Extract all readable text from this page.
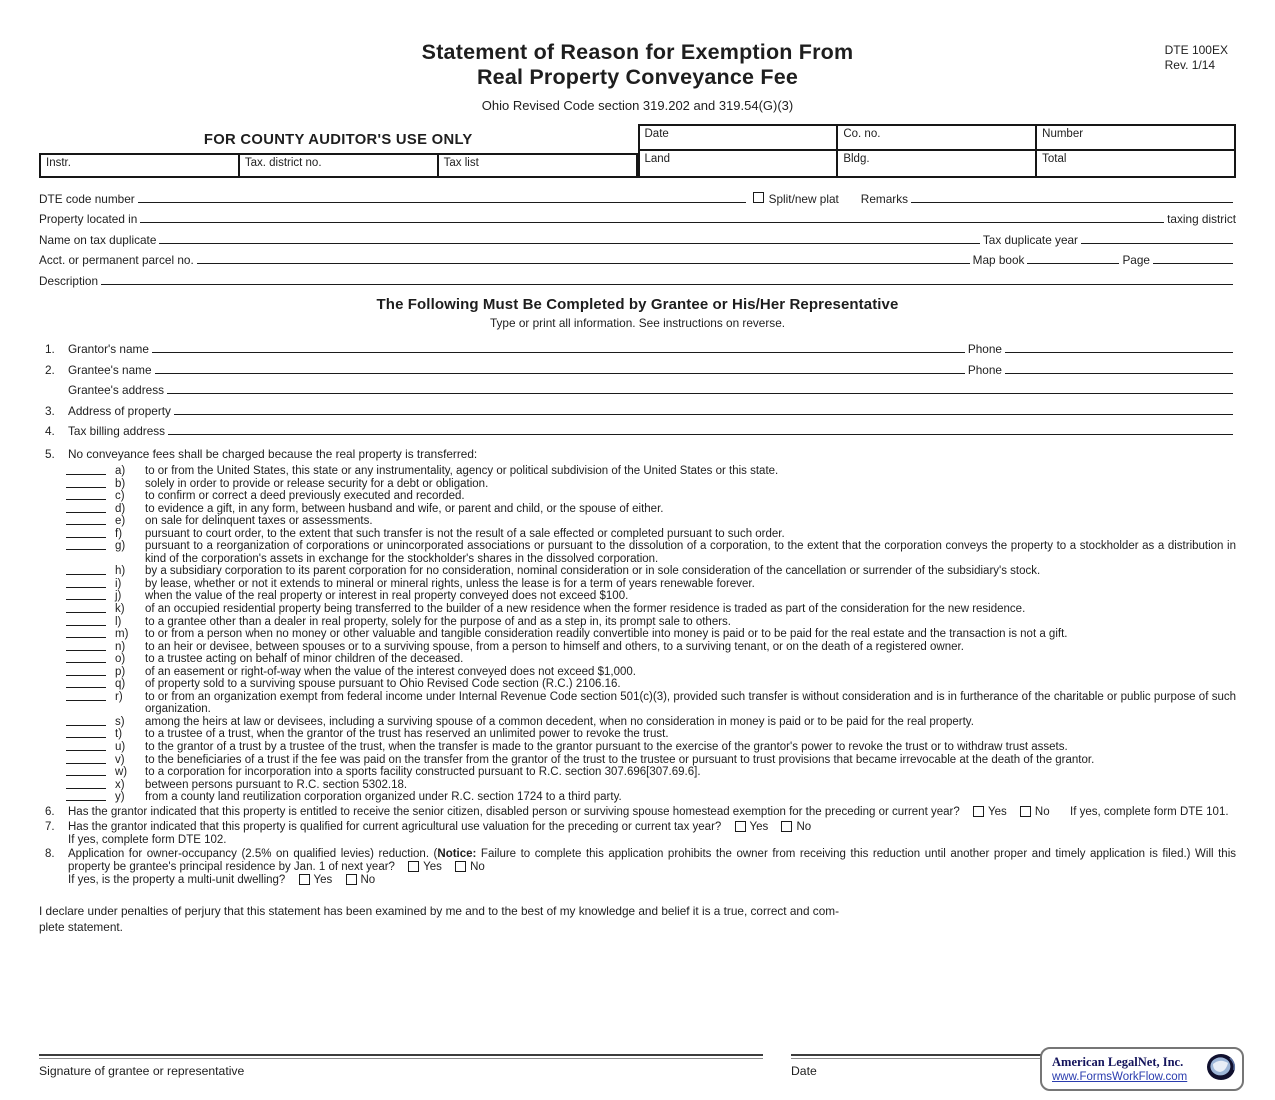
Statement of Reason for Exemption From
Real Property Conveyance Fee
DTE 100EX
Rev. 1/14
Ohio Revised Code section 319.202 and 319.54(G)(3)
FOR COUNTY AUDITOR'S USE ONLY
Instr.	Tax. district no.	Tax list
Date	Co. no.	Number
Land	Bldg.	Total
DTE code number	Split/new plat Remarks
Property located in	taxing district
Name on tax duplicate	Tax duplicate year
Acct. or permanent parcel no.	Map book	Page
Description
The Following Must Be Completed by Grantee or His/Her Representative
Type or print all information. See instructions on reverse.
1.	Grantor's name	Phone
2.	Grantee's name	Phone
Grantee's address
3.	Address of property
4.	Tax billing address
5.	No conveyance fees shall be charged because the real property is transferred:
a)	to or from the United States, this state or any instrumentality, agency or political subdivision of the United States or this state.
b)	solely in order to provide or release security for a debt or obligation.
c)	to confirm or correct a deed previously executed and recorded.
d)	to evidence a gift, in any form, between husband and wife, or parent and child, or the spouse of either.
e)	on sale for delinquent taxes or assessments.
f)	pursuant to court order, to the extent that such transfer is not the result of a sale effected or completed pursuant to such order.
g)	pursuant to a reorganization of corporations or unincorporated associations or pursuant to the dissolution of a corporation, to the extent that the corporation conveys the property to a stockholder as a distribution in kind of the corporation's assets in exchange for the stockholder's shares in the dissolved corporation.
h)	by a subsidiary corporation to its parent corporation for no consideration, nominal consideration or in sole consideration of the cancellation or surrender of the subsidiary's stock.
i)	by lease, whether or not it extends to mineral or mineral rights, unless the lease is for a term of years renewable forever.
j)	when the value of the real property or interest in real property conveyed does not exceed $100.
k)	of an occupied residential property being transferred to the builder of a new residence when the former residence is traded as part of the consideration for the new residence.
l)	to a grantee other than a dealer in real property, solely for the purpose of and as a step in, its prompt sale to others.
m)	to or from a person when no money or other valuable and tangible consideration readily convertible into money is paid or to be paid for the real estate and the transaction is not a gift.
n)	to an heir or devisee, between spouses or to a surviving spouse, from a person to himself and others, to a surviving tenant, or on the death of a registered owner.
o)	to a trustee acting on behalf of minor children of the deceased.
p)	of an easement or right-of-way when the value of the interest conveyed does not exceed $1,000.
q)	of property sold to a surviving spouse pursuant to Ohio Revised Code section (R.C.) 2106.16.
r)	to or from an organization exempt from federal income under Internal Revenue Code section 501(c)(3), provided such transfer is without consideration and is in furtherance of the charitable or public purpose of such organization.
s)	among the heirs at law or devisees, including a surviving spouse of a common decedent, when no consideration in money is paid or to be paid for the real property.
t)	to a trustee of a trust, when the grantor of the trust has reserved an unlimited power to revoke the trust.
u)	to the grantor of a trust by a trustee of the trust, when the transfer is made to the grantor pursuant to the exercise of the grantor's power to revoke the trust or to withdraw trust assets.
v)	to the beneficiaries of a trust if the fee was paid on the transfer from the grantor of the trust to the trustee or pursuant to trust provisions that became irrevocable at the death of the grantor.
w)	to a corporation for incorporation into a sports facility constructed pursuant to R.C. section 307.696[307.69.6].
x)	between persons pursuant to R.C. section 5302.18.
y)	from a county land reutilization corporation organized under R.C. section 1724 to a third party.
6.	Has the grantor indicated that this property is entitled to receive the senior citizen, disabled person or surviving spouse homestead exemption for the preceding or current year? Yes No If yes, complete form DTE 101.
7.	Has the grantor indicated that this property is qualified for current agricultural use valuation for the preceding or current tax year? Yes No
If yes, complete form DTE 102.
8.	Application for owner-occupancy (2.5% on qualified levies) reduction. (Notice: Failure to complete this application prohibits the owner from receiving this reduction until another proper and timely application is filed.) Will this property be grantee's principal residence by Jan. 1 of next year? Yes No
If yes, is the property a multi-unit dwelling? Yes No
I declare under penalties of perjury that this statement has been examined by me and to the best of my knowledge and belief it is a true, correct and com-
plete statement.
Signature of grantee or representative	Date
American LegalNet, Inc.
www.FormsWorkFlow.com
